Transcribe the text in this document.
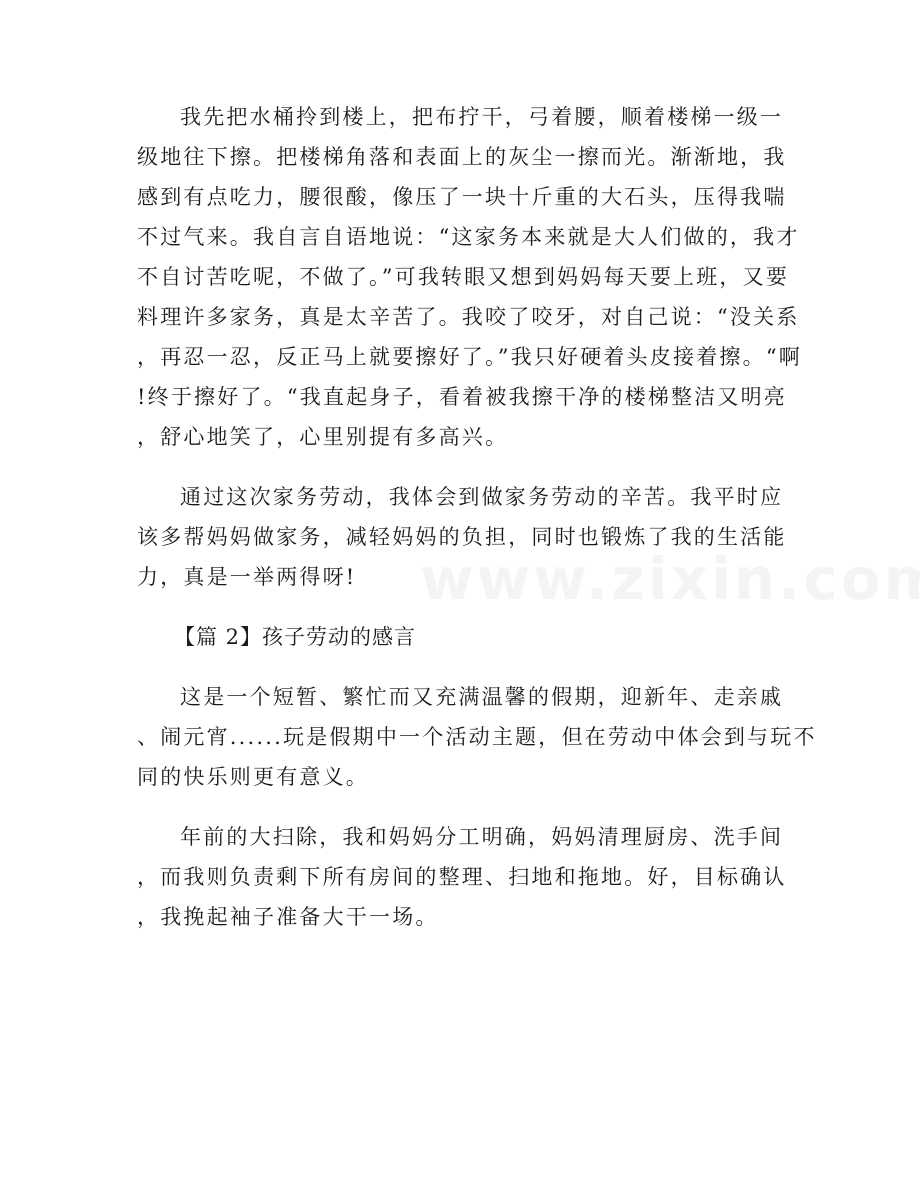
我先把水桶拎到楼上，把布拧干，弓着腰，顺着楼梯一级一
级地往下擦。把楼梯角落和表面上的灰尘一擦而光。渐渐地，我
感到有点吃力，腰很酸，像压了一块十斤重的大石头，压得我喘
不过气来。我自言自语地说：“这家务本来就是大人们做的，我才
不自讨苦吃呢，不做了。”可我转眼又想到妈妈每天要上班，又要
料理许多家务，真是太辛苦了。我咬了咬牙，对自己说：“没关系
，再忍一忍，反正马上就要擦好了。”我只好硬着头皮接着擦。“啊
!终于擦好了。“我直起身子，看着被我擦干净的楼梯整洁又明亮
，舒心地笑了，心里别提有多高兴。

通过这次家务劳动，我体会到做家务劳动的辛苦。我平时应
该多帮妈妈做家务，减轻妈妈的负担，同时也锻炼了我的生活能
力，真是一举两得呀!

【篇 2】孩子劳动的感言

这是一个短暂、繁忙而又充满温馨的假期，迎新年、走亲戚
、闹元宵......玩是假期中一个活动主题，但在劳动中体会到与玩不
同的快乐则更有意义。

年前的大扫除，我和妈妈分工明确，妈妈清理厨房、洗手间
，而我则负责剩下所有房间的整理、扫地和拖地。好，目标确认
，我挽起袖子准备大干一场。
